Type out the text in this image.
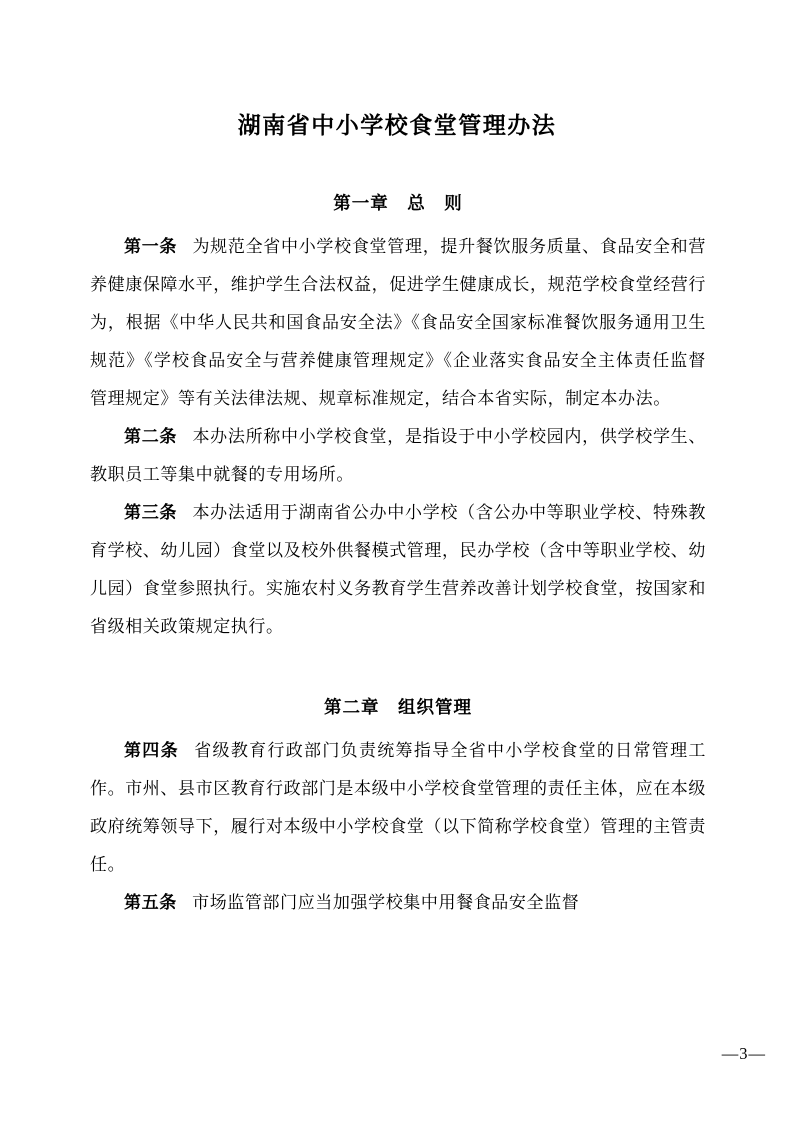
湖南省中小学校食堂管理办法
第一章　总　则

第一条 为规范全省中小学校食堂管理，提升餐饮服务质量、食品安全和营养健康保障水平，维护学生合法权益，促进学生健康成长，规范学校食堂经营行为，根据《中华人民共和国食品安全法》《食品安全国家标准餐饮服务通用卫生规范》《学校食品安全与营养健康管理规定》《企业落实食品安全主体责任监督管理规定》等有关法律法规、规章标准规定，结合本省实际，制定本办法。

第二条 本办法所称中小学校食堂，是指设于中小学校园内，供学校学生、教职员工等集中就餐的专用场所。

第三条 本办法适用于湖南省公办中小学校（含公办中等职业学校、特殊教育学校、幼儿园）食堂以及校外供餐模式管理，民办学校（含中等职业学校、幼儿园）食堂参照执行。实施农村义务教育学生营养改善计划学校食堂，按国家和省级相关政策规定执行。

第二章　组织管理

第四条 省级教育行政部门负责统筹指导全省中小学校食堂的日常管理工作。市州、县市区教育行政部门是本级中小学校食堂管理的责任主体，应在本级政府统筹领导下，履行对本级中小学校食堂（以下简称学校食堂）管理的主管责任。

第五条 市场监管部门应当加强学校集中用餐食品安全监督

—3—
